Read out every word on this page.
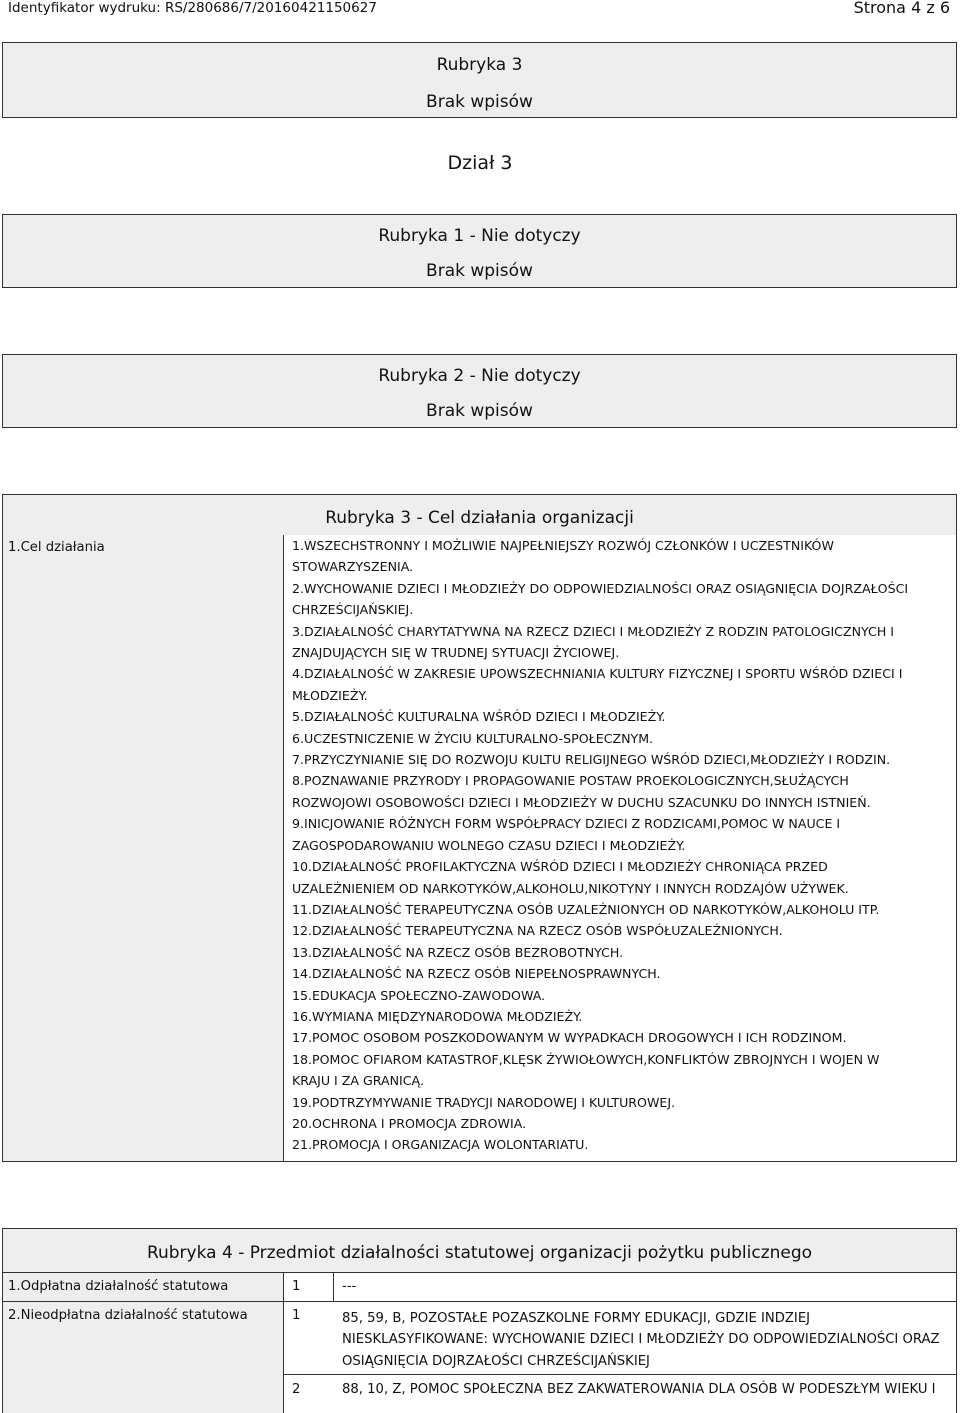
Identyfikator wydruku: RS/280686/7/20160421150627	Strona 4 z 6
Rubryka 3
Brak wpisów
Dział 3
Rubryka 1 - Nie dotyczy
Brak wpisów
Rubryka 2 - Nie dotyczy
Brak wpisów
Rubryka 3 - Cel działania organizacji
1.Cel działania	1.WSZECHSTRONNY I MOŻLIWIE NAJPEŁNIEJSZY ROZWÓJ CZŁONKÓW I UCZESTNIKÓW
STOWARZYSZENIA.
2.WYCHOWANIE DZIECI I MŁODZIEŻY DO ODPOWIEDZIALNOŚCI ORAZ OSIĄGNIĘCIA DOJRZAŁOŚCI
CHRZEŚCIJAŃSKIEJ.
3.DZIAŁALNOŚĆ CHARYTATYWNA NA RZECZ DZIECI I MŁODZIEŻY Z RODZIN PATOLOGICZNYCH I
ZNAJDUJĄCYCH SIĘ W TRUDNEJ SYTUACJI ŻYCIOWEJ.
4.DZIAŁALNOŚĆ W ZAKRESIE UPOWSZECHNIANIA KULTURY FIZYCZNEJ I SPORTU WŚRÓD DZIECI I
MŁODZIEŻY.
5.DZIAŁALNOŚĆ KULTURALNA WŚRÓD DZIECI I MŁODZIEŻY.
6.UCZESTNICZENIE W ŻYCIU KULTURALNO-SPOŁECZNYM.
7.PRZYCZYNIANIE SIĘ DO ROZWOJU KULTU RELIGIJNEGO WŚRÓD DZIECI,MŁODZIEŻY I RODZIN.
8.POZNAWANIE PRZYRODY I PROPAGOWANIE POSTAW PROEKOLOGICZNYCH,SŁUŻĄCYCH
ROZWOJOWI OSOBOWOŚCI DZIECI I MŁODZIEŻY W DUCHU SZACUNKU DO INNYCH ISTNIEŃ.
9.INICJOWANIE RÓŻNYCH FORM WSPÓŁPRACY DZIECI Z RODZICAMI,POMOC W NAUCE I
ZAGOSPODAROWANIU WOLNEGO CZASU DZIECI I MŁODZIEŻY.
10.DZIAŁALNOŚĆ PROFILAKTYCZNA WŚRÓD DZIECI I MŁODZIEŻY CHRONIĄCA PRZED
UZALEŻNIENIEM OD NARKOTYKÓW,ALKOHOLU,NIKOTYNY I INNYCH RODZAJÓW UŻYWEK.
11.DZIAŁALNOŚĆ TERAPEUTYCZNA OSÓB UZALEŻNIONYCH OD NARKOTYKÓW,ALKOHOLU ITP.
12.DZIAŁALNOŚĆ TERAPEUTYCZNA NA RZECZ OSÓB WSPÓŁUZALEŻNIONYCH.
13.DZIAŁALNOŚĆ NA RZECZ OSÓB BEZROBOTNYCH.
14.DZIAŁALNOŚĆ NA RZECZ OSÓB NIEPEŁNOSPRAWNYCH.
15.EDUKACJA SPOŁECZNO-ZAWODOWA.
16.WYMIANA MIĘDZYNARODOWA MŁODZIEŻY.
17.POMOC OSOBOM POSZKODOWANYM W WYPADKACH DROGOWYCH I ICH RODZINOM.
18.POMOC OFIAROM KATASTROF,KLĘSK ŻYWIOŁOWYCH,KONFLIKTÓW ZBROJNYCH I WOJEN W
KRAJU I ZA GRANICĄ.
19.PODTRZYMYWANIE TRADYCJI NARODOWEJ I KULTUROWEJ.
20.OCHRONA I PROMOCJA ZDROWIA.
21.PROMOCJA I ORGANIZACJA WOLONTARIATU.
Rubryka 4 - Przedmiot działalności statutowej organizacji pożytku publicznego
1.Odpłatna działalność statutowa	1	---
2.Nieodpłatna działalność statutowa	1	85, 59, B, POZOSTAŁE POZASZKOLNE FORMY EDUKACJI, GDZIE INDZIEJ
NIESKLASYFIKOWANE: WYCHOWANIE DZIECI I MŁODZIEŻY DO ODPOWIEDZIALNOŚCI ORAZ
OSIĄGNIĘCIA DOJRZAŁOŚCI CHRZEŚCIJAŃSKIEJ
2	88, 10, Z, POMOC SPOŁECZNA BEZ ZAKWATEROWANIA DLA OSÓB W PODESZŁYM WIEKU I
